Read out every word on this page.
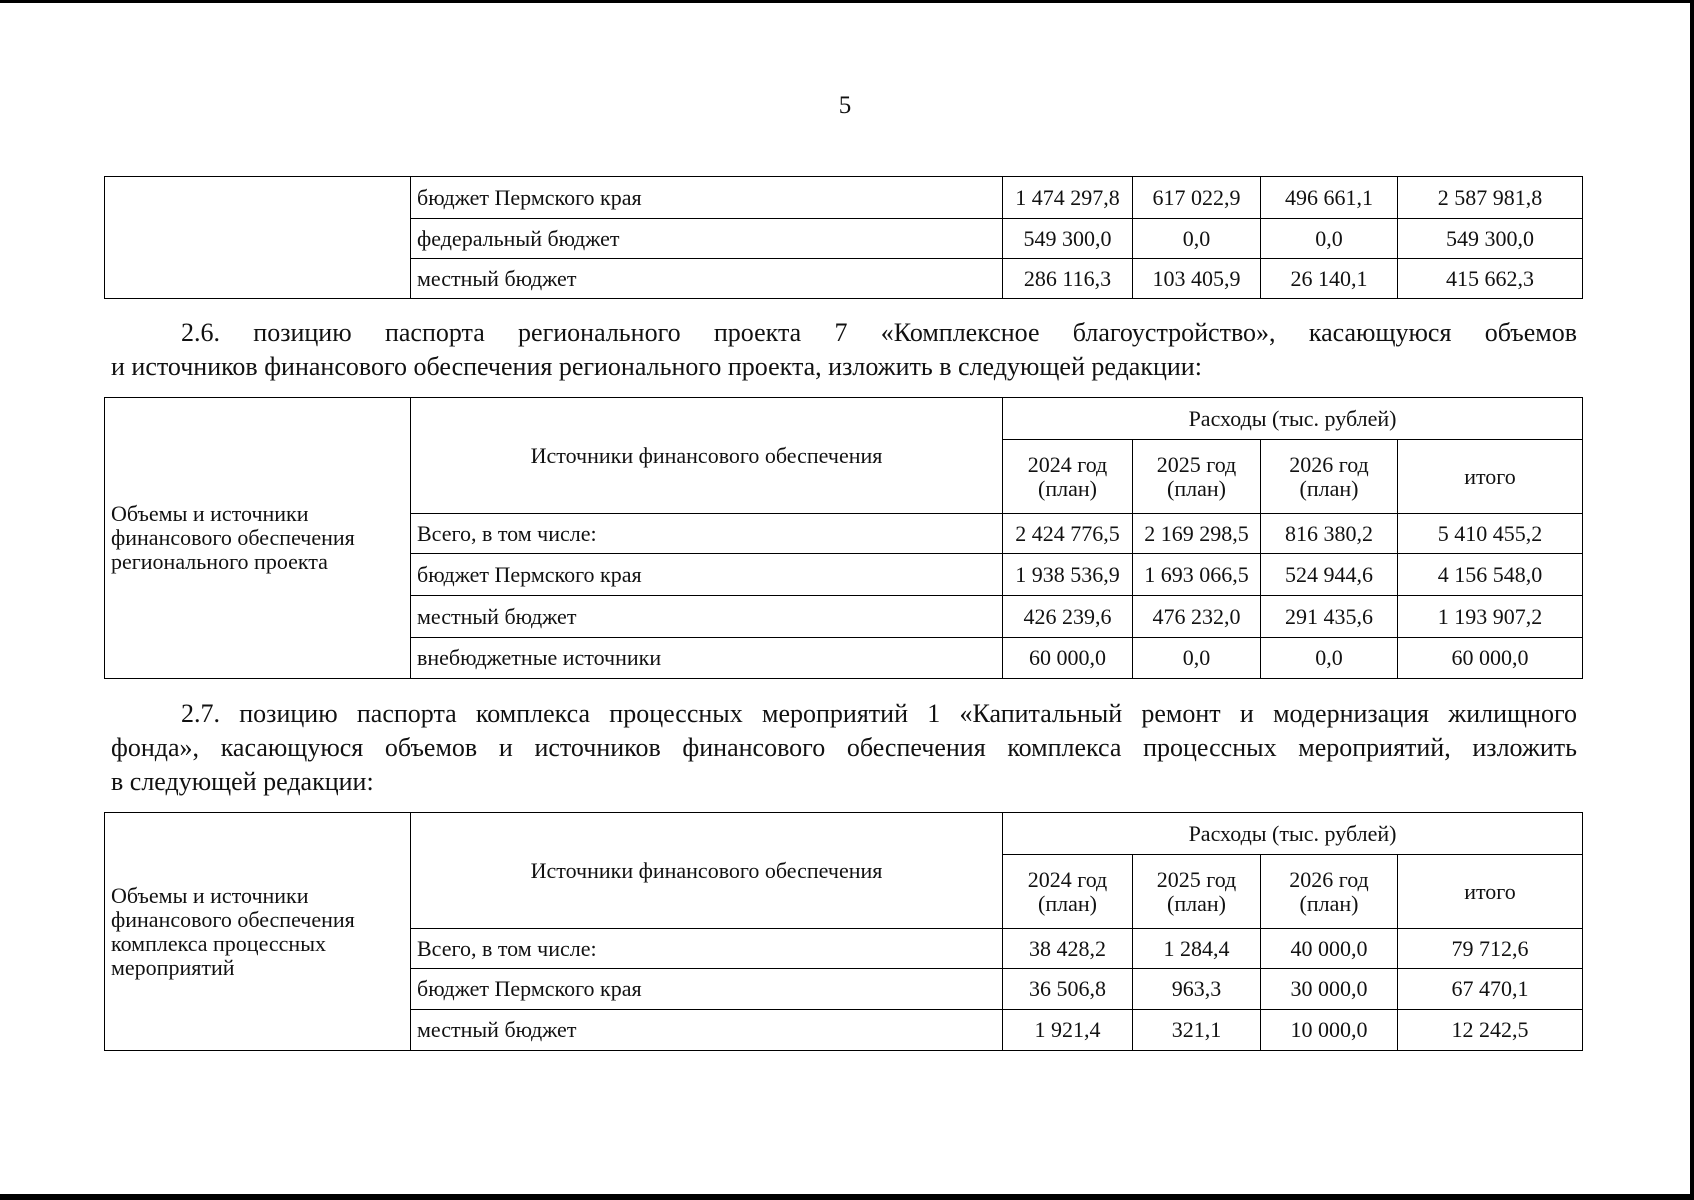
5
	бюджет Пермского края	1 474 297,8	617 022,9	496 661,1	2 587 981,8
	федеральный бюджет	549 300,0	0,0	0,0	549 300,0
	местный бюджет	286 116,3	103 405,9	26 140,1	415 662,3
2.6. позицию паспорта регионального проекта 7 «Комплексное благоустройство», касающуюся объемов
и источников финансового обеспечения регионального проекта, изложить в следующей редакции:
Объемы и источники финансового обеспечения регионального проекта	Источники финансового обеспечения	Расходы (тыс. рублей)			
		2024 год (план)	2025 год (план)	2026 год (план)	итого
	Всего, в том числе:	2 424 776,5	2 169 298,5	816 380,2	5 410 455,2
	бюджет Пермского края	1 938 536,9	1 693 066,5	524 944,6	4 156 548,0
	местный бюджет	426 239,6	476 232,0	291 435,6	1 193 907,2
	внебюджетные источники	60 000,0	0,0	0,0	60 000,0
2.7. позицию паспорта комплекса процессных мероприятий 1 «Капитальный ремонт и модернизация жилищного
фонда», касающуюся объемов и источников финансового обеспечения комплекса процессных мероприятий, изложить
в следующей редакции:
Объемы и источники финансового обеспечения комплекса процессных мероприятий	Источники финансового обеспечения	Расходы (тыс. рублей)			
		2024 год (план)	2025 год (план)	2026 год (план)	итого
	Всего, в том числе:	38 428,2	1 284,4	40 000,0	79 712,6
	бюджет Пермского края	36 506,8	963,3	30 000,0	67 470,1
	местный бюджет	1 921,4	321,1	10 000,0	12 242,5
